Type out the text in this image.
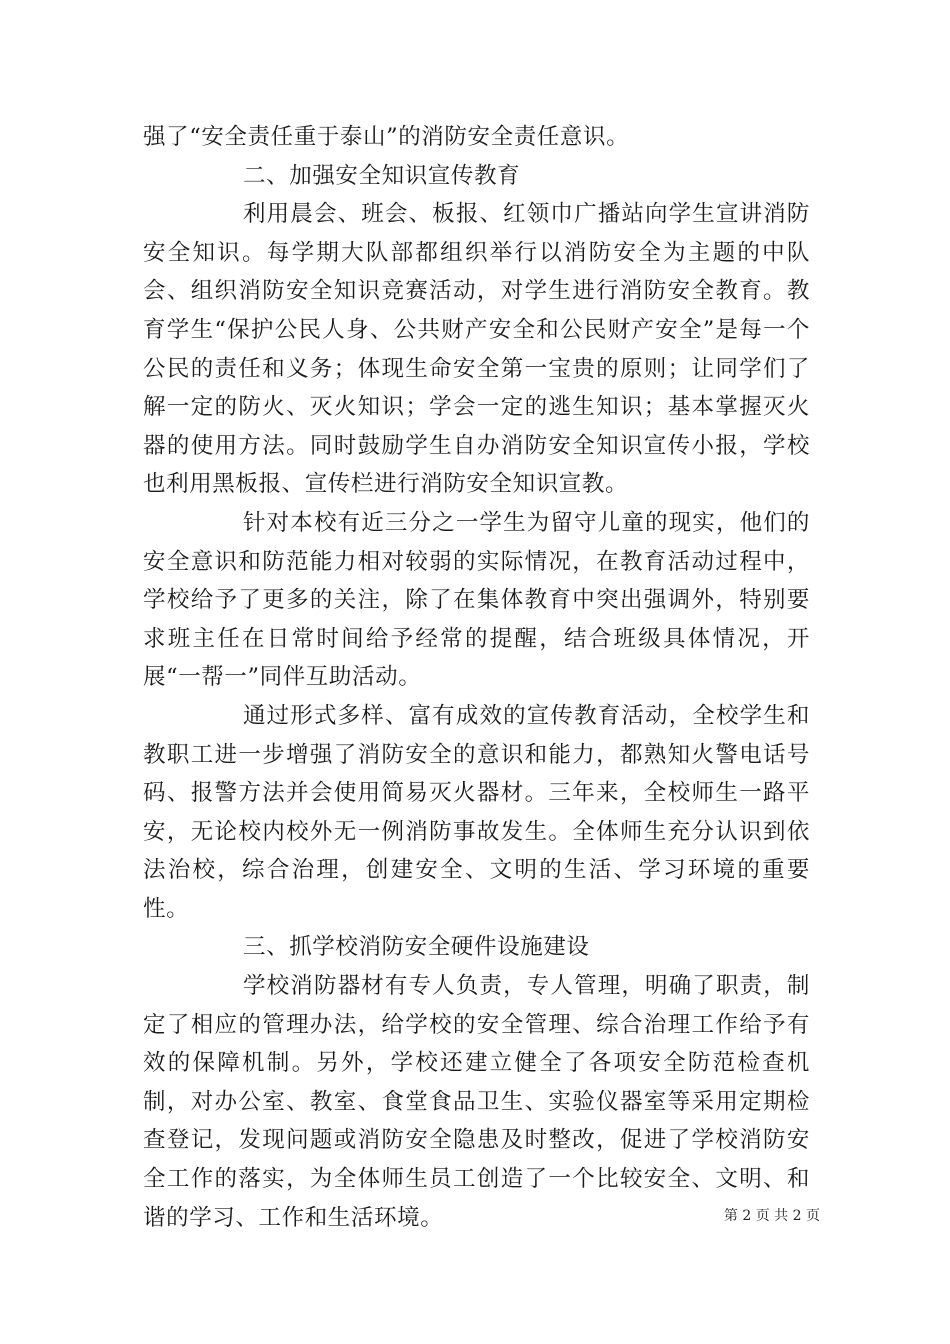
强了“安全责任重于泰山”的消防安全责任意识。

二、加强安全知识宣传教育

利用晨会、班会、板报、红领巾广播站向学生宣讲消防安全知识。每学期大队部都组织举行以消防安全为主题的中队会、组织消防安全知识竞赛活动，对学生进行消防安全教育。教育学生“保护公民人身、公共财产安全和公民财产安全”是每一个公民的责任和义务；体现生命安全第一宝贵的原则；让同学们了解一定的防火、灭火知识；学会一定的逃生知识；基本掌握灭火器的使用方法。同时鼓励学生自办消防安全知识宣传小报，学校也利用黑板报、宣传栏进行消防安全知识宣教。

针对本校有近三分之一学生为留守儿童的现实，他们的安全意识和防范能力相对较弱的实际情况，在教育活动过程中，学校给予了更多的关注，除了在集体教育中突出强调外，特别要求班主任在日常时间给予经常的提醒，结合班级具体情况，开展“一帮一”同伴互助活动。

通过形式多样、富有成效的宣传教育活动，全校学生和教职工进一步增强了消防安全的意识和能力，都熟知火警电话号码、报警方法并会使用简易灭火器材。三年来，全校师生一路平安，无论校内校外无一例消防事故发生。全体师生充分认识到依法治校，综合治理，创建安全、文明的生活、学习环境的重要性。

三、抓学校消防安全硬件设施建设

学校消防器材有专人负责，专人管理，明确了职责，制定了相应的管理办法，给学校的安全管理、综合治理工作给予有效的保障机制。另外，学校还建立健全了各项安全防范检查机制，对办公室、教室、食堂食品卫生、实验仪器室等采用定期检查登记，发现问题或消防安全隐患及时整改，促进了学校消防安全工作的落实，为全体师生员工创造了一个比较安全、文明、和谐的学习、工作和生活环境。	第 2 页 共 2 页
